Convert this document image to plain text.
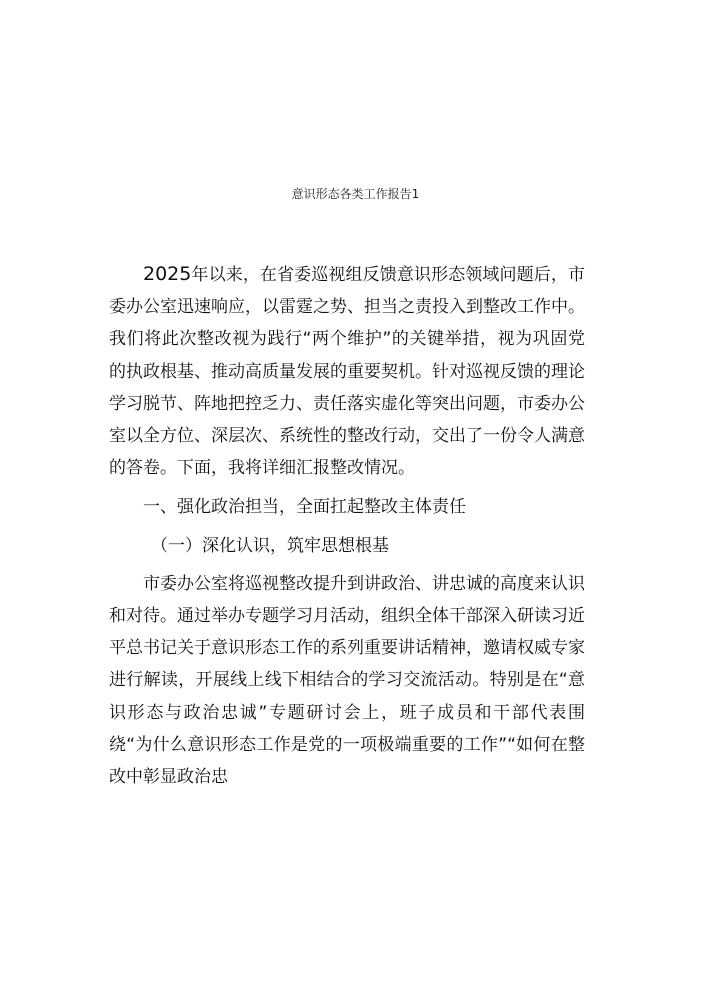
意识形态各类工作报告1

2025年以来，在省委巡视组反馈意识形态领域问题后，市委办公室迅速响应，以雷霆之势、担当之责投入到整改工作中。我们将此次整改视为践行“两个维护”的关键举措，视为巩固党的执政根基、推动高质量发展的重要契机。针对巡视反馈的理论学习脱节、阵地把控乏力、责任落实虚化等突出问题，市委办公室以全方位、深层次、系统性的整改行动，交出了一份令人满意的答卷。下面，我将详细汇报整改情况。

一、强化政治担当，全面扛起整改主体责任

（一）深化认识，筑牢思想根基

市委办公室将巡视整改提升到讲政治、讲忠诚的高度来认识和对待。通过举办专题学习月活动，组织全体干部深入研读习近平总书记关于意识形态工作的系列重要讲话精神，邀请权威专家进行解读，开展线上线下相结合的学习交流活动。特别是在“意识形态与政治忠诚”专题研讨会上，班子成员和干部代表围绕“为什么意识形态工作是党的一项极端重要的工作”“如何在整改中彰显政治忠
